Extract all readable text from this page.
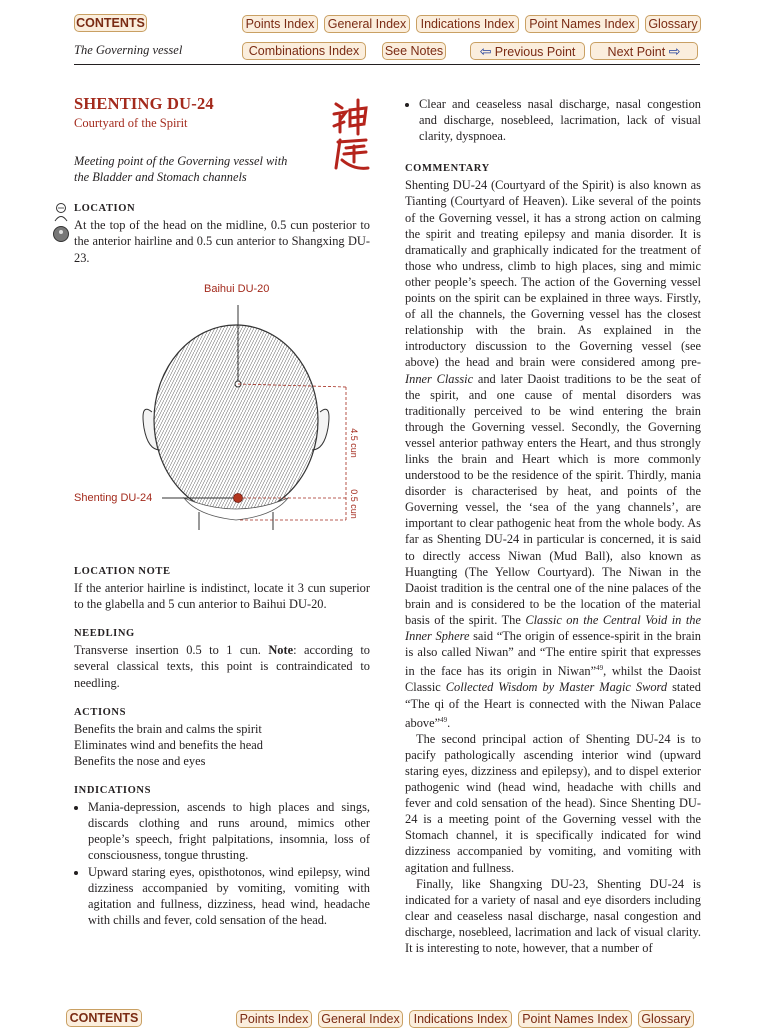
CONTENTS	Points Index General Index	Indications Index	Point Names Index	Glossary
The Governing vessel	Combinations Index	See Notes	⇦ Previous Point	Next Point ⇨
SHENTING DU-24
Courtyard of the Spirit
Meeting point of the Governing vessel with the Bladder and Stomach channels
LOCATION

At the top of the head on the midline, 0.5 cun posterior to the anterior hairline and 0.5 cun anterior to Shangxing DU-23.

Baihui DU-20
Shenting DU-24
4.5 cun
0.5 cun
LOCATION NOTE

If the anterior hairline is indistinct, locate it 3 cun superior to the glabella and 5 cun anterior to Baihui DU-20.

NEEDLING

Transverse insertion 0.5 to 1 cun. Note: according to several classical texts, this point is contraindicated to needling.

ACTIONS
Benefits the brain and calms the spirit
Eliminates wind and benefits the head
Benefits the nose and eyes
INDICATIONS
• Mania-depression, ascends to high places and sings, discards clothing and runs around, mimics other people’s speech, fright palpitations, insomnia, loss of consciousness, tongue thrusting.
• Upward staring eyes, opisthotonos, wind epilepsy, wind dizziness accompanied by vomiting, vomiting with agitation and fullness, dizziness, head wind, headache with chills and fever, cold sensation of the head.
• Clear and ceaseless nasal discharge, nasal congestion and discharge, nosebleed, lacrimation, lack of visual clarity, dyspnoea.
COMMENTARY

Shenting DU-24 (Courtyard of the Spirit) is also known as Tianting (Courtyard of Heaven). Like several of the points of the Governing vessel, it has a strong action on calming the spirit and treating epilepsy and mania disorder. It is dramatically and graphically indicated for the treatment of those who undress, climb to high places, sing and mimic other people’s speech. The action of the Governing vessel points on the spirit can be explained in three ways. Firstly, of all the channels, the Governing vessel has the closest relationship with the brain. As explained in the introductory discussion to the Governing vessel (see above) the head and brain were considered among pre-Inner Classic and later Daoist traditions to be the seat of the spirit, and one cause of mental disorders was traditionally perceived to be wind entering the brain through the Governing vessel. Secondly, the Governing vessel anterior pathway enters the Heart, and thus strongly links the brain and Heart which is more commonly understood to be the residence of the spirit. Thirdly, mania disorder is characterised by heat, and points of the Governing vessel, the ‘sea of the yang channels’, are important to clear pathogenic heat from the whole body. As far as Shenting DU-24 in particular is concerned, it is said to directly access Niwan (Mud Ball), also known as Huangting (The Yellow Courtyard). The Niwan in the Daoist tradition is the central one of the nine palaces of the brain and is considered to be the location of the material basis of the spirit. The Classic on the Central Void in the Inner Sphere said “The origin of essence-spirit in the brain is also called Niwan” and “The entire spirit that expresses in the face has its origin in Niwan”$^{49}$, whilst the Daoist Classic Collected Wisdom by Master Magic Sword stated “The qi of the Heart is connected with the Niwan Palace above”$^{49}$.

The second principal action of Shenting DU-24 is to pacify pathologically ascending interior wind (upward staring eyes, dizziness and epilepsy), and to dispel exterior pathogenic wind (head wind, headache with chills and fever and cold sensation of the head). Since Shenting DU-24 is a meeting point of the Governing vessel with the Stomach channel, it is specifically indicated for wind dizziness accompanied by vomiting, and vomiting with agitation and fullness.

Finally, like Shangxing DU-23, Shenting DU-24 is indicated for a variety of nasal and eye disorders including clear and ceaseless nasal discharge, nasal congestion and discharge, nosebleed, lacrimation and lack of visual clarity. It is interesting to note, however, that a number of

CONTENTS	Points Index General Index	Indications Index	Point Names Index	Glossary
